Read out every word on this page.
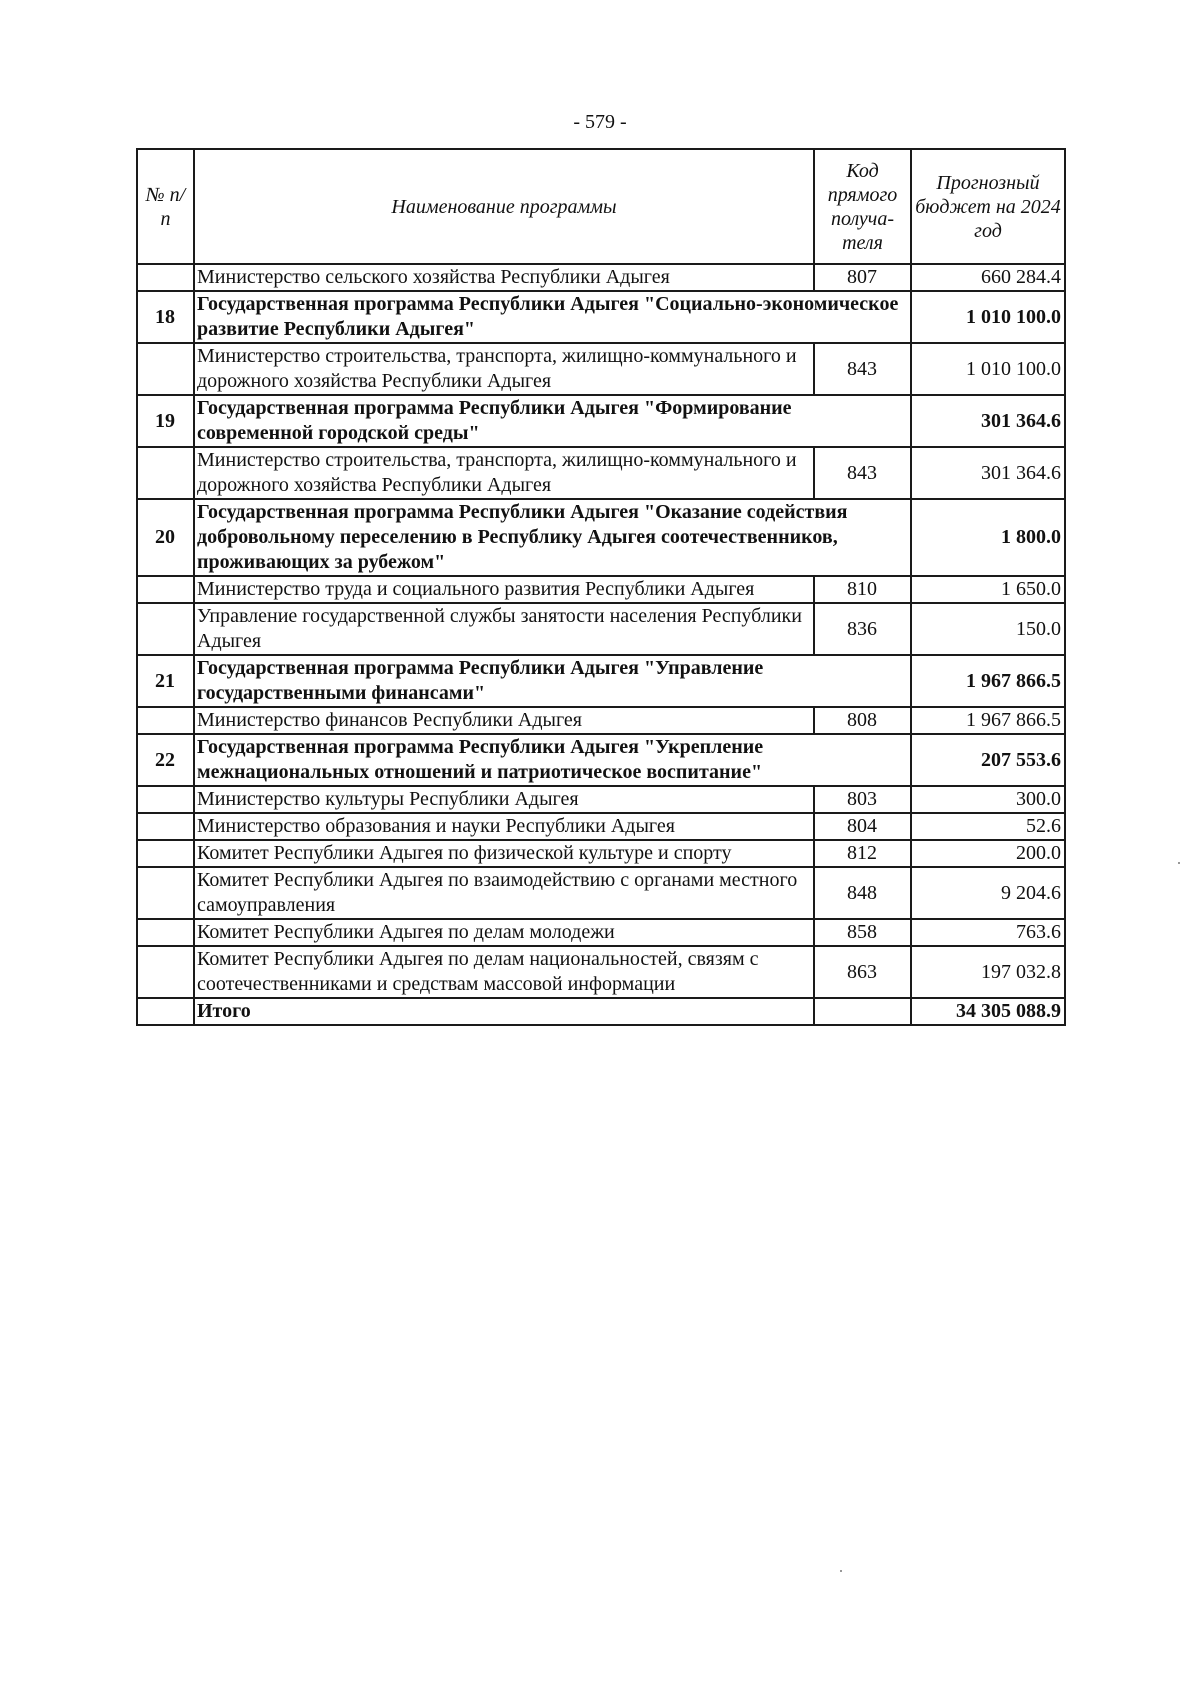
- 579 -
№ п/п	Наименование программы	Код прямого получа-теля	Прогнозный бюджет на 2024 год
	Министерство сельского хозяйства Республики Адыгея	807	660 284.4
18	Государственная программа Республики Адыгея "Социально-экономическое развитие Республики Адыгея"		1 010 100.0
	Министерство строительства, транспорта, жилищно-коммунального и дорожного хозяйства Республики Адыгея	843	1 010 100.0
19	Государственная программа Республики Адыгея "Формирование современной городской среды"		301 364.6
	Министерство строительства, транспорта, жилищно-коммунального и дорожного хозяйства Республики Адыгея	843	301 364.6
20	Государственная программа Республики Адыгея "Оказание содействия добровольному переселению в Республику Адыгея соотечественников, проживающих за рубежом"		1 800.0
	Министерство труда и социального развития Республики Адыгея	810	1 650.0
	Управление государственной службы занятости населения Республики Адыгея	836	150.0
21	Государственная программа Республики Адыгея "Управление государственными финансами"		1 967 866.5
	Министерство финансов Республики Адыгея	808	1 967 866.5
22	Государственная программа Республики Адыгея "Укрепление межнациональных отношений и патриотическое воспитание"		207 553.6
	Министерство культуры Республики Адыгея	803	300.0
	Министерство образования и науки Республики Адыгея	804	52.6
	Комитет Республики Адыгея по физической культуре и спорту	812	200.0
	Комитет Республики Адыгея по взаимодействию с органами местного самоуправления	848	9 204.6
	Комитет Республики Адыгея по делам молодежи	858	763.6
	Комитет Республики Адыгея по делам национальностей, связям с соотечественниками и средствам массовой информации	863	197 032.8
	Итого		34 305 088.9
